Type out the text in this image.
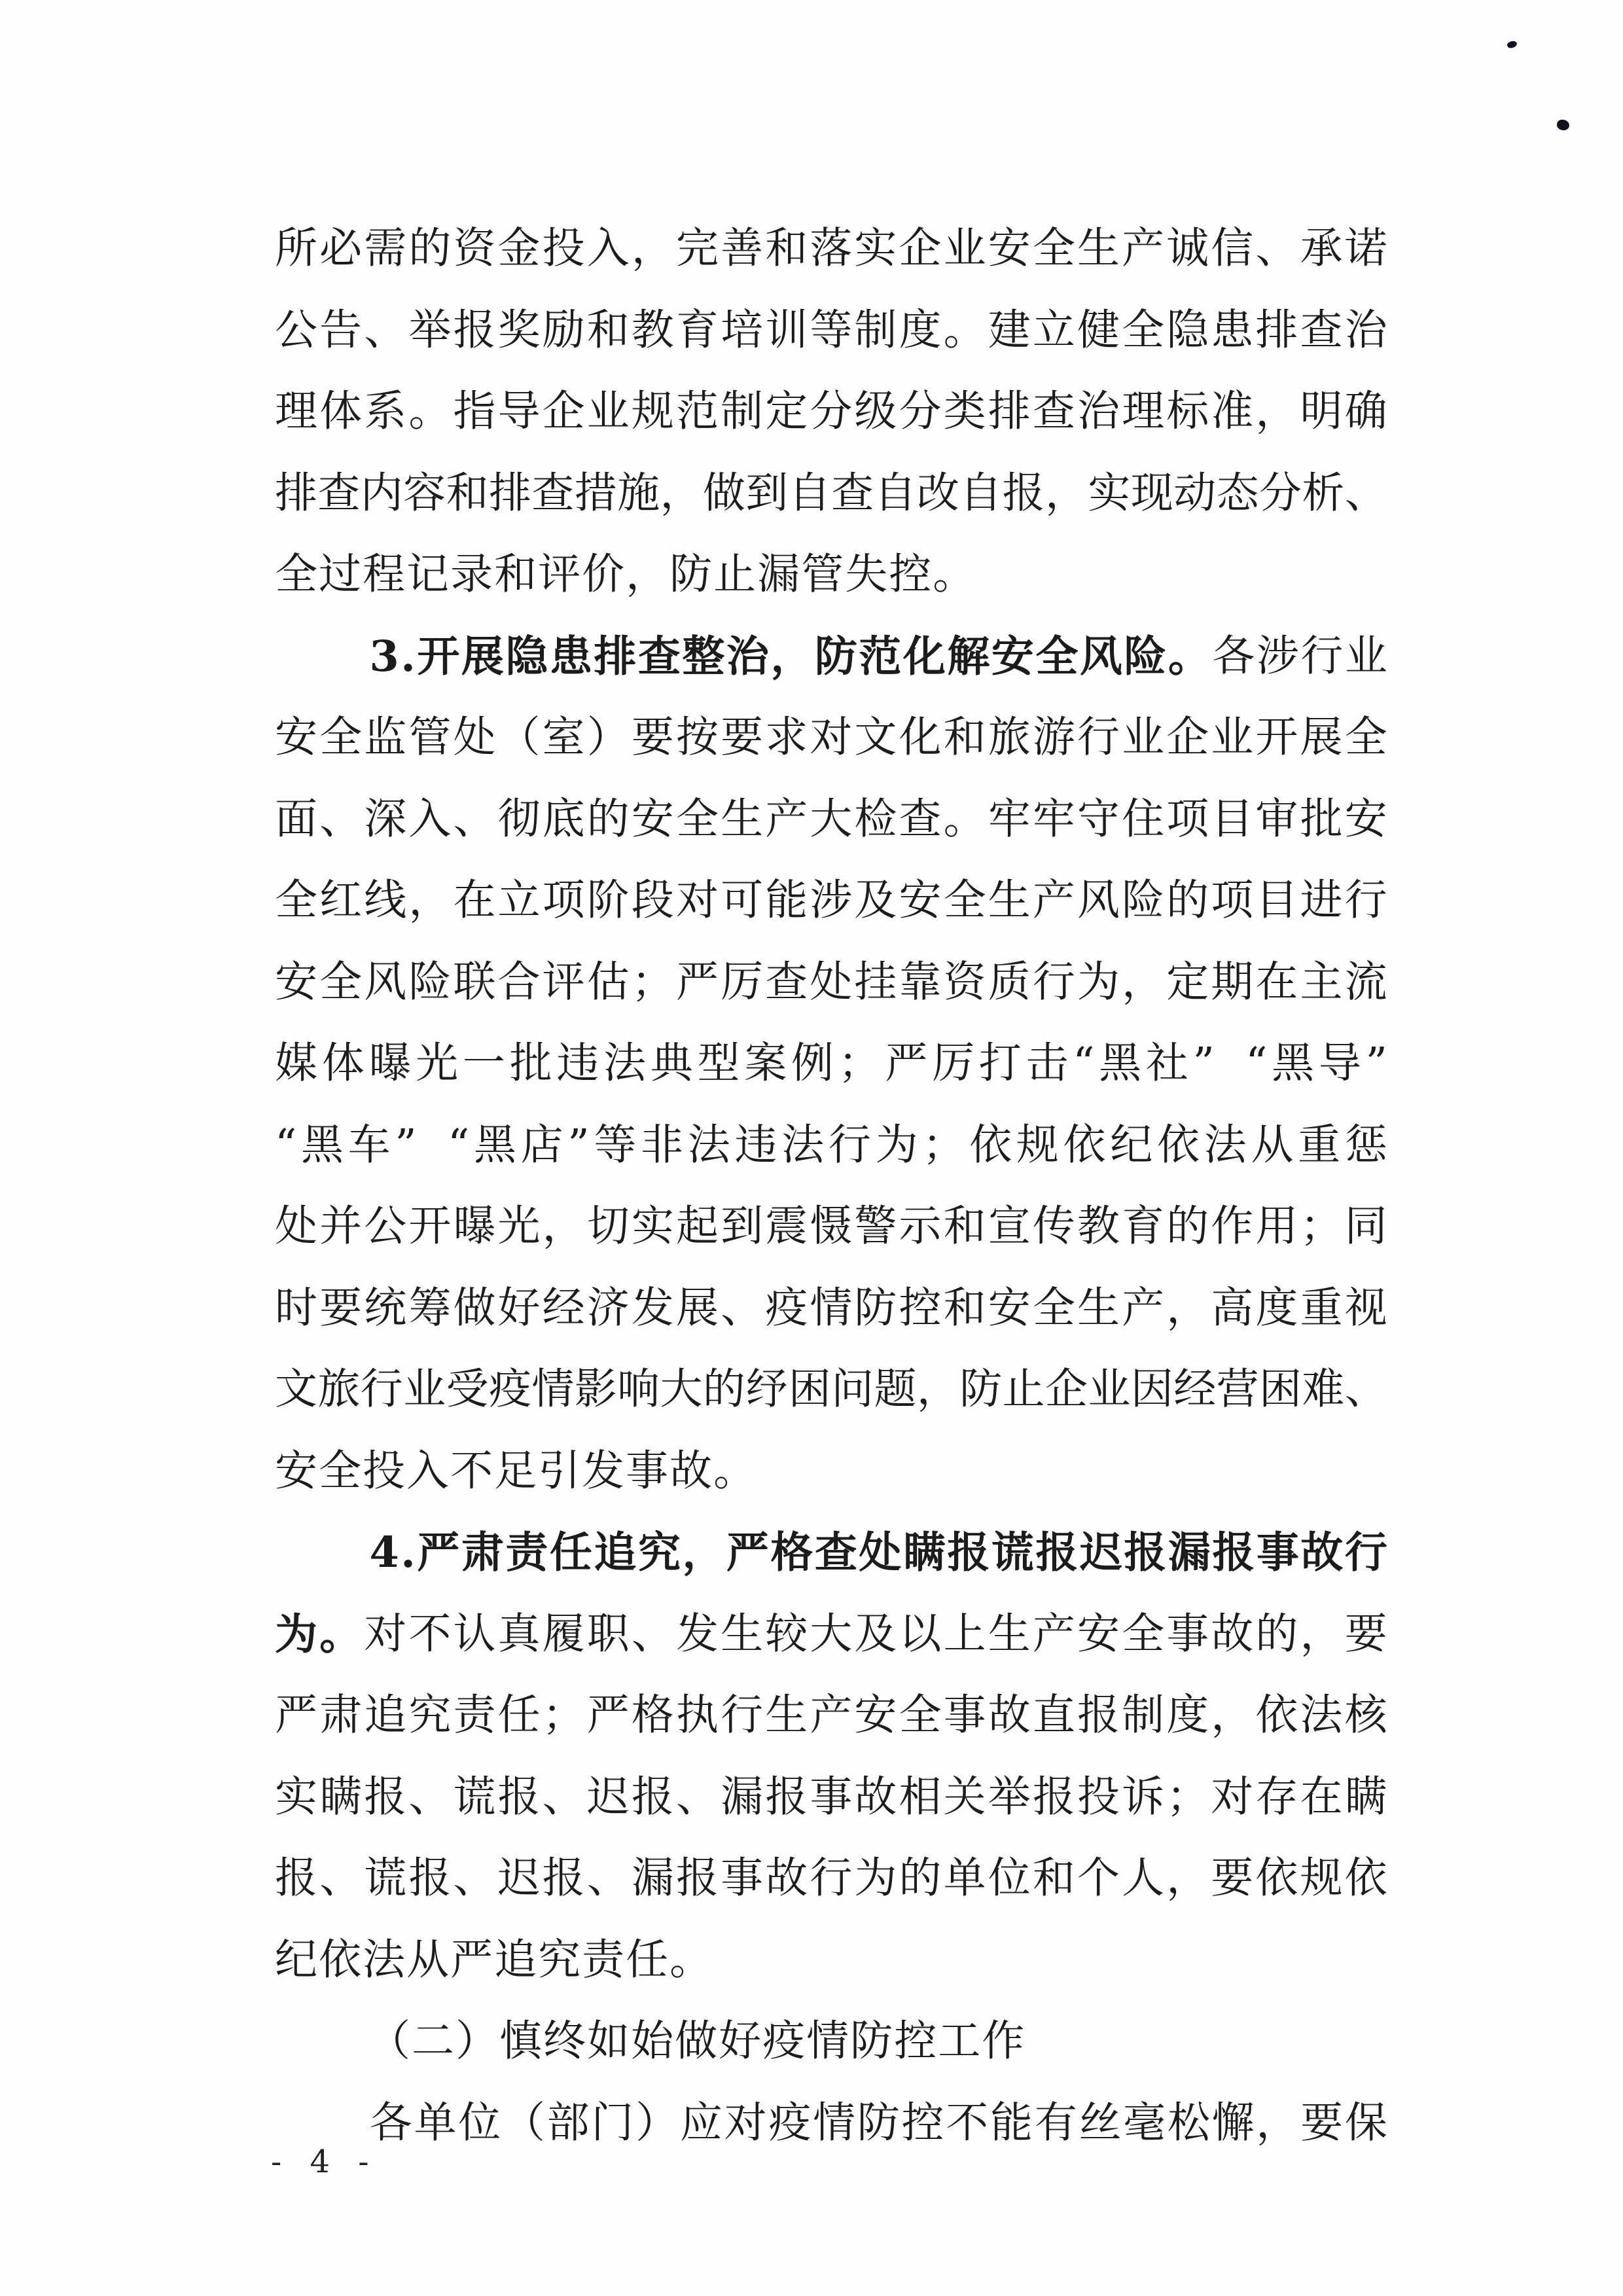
所 必 需 的 资 金 投 入 ， 完 善 和 落 实 企 业 安 全 生 产 诚 信 、 承 诺
公 告 、 举 报 奖 励 和 教 育 培 训 等 制 度 。 建 立 健 全 隐 患 排 查 治
理 体 系 。 指 导 企 业 规 范 制 定 分 级 分 类 排 查 治 理 标 准 ， 明 确
排 查 内 容 和 排 查 措 施 ， 做 到 自 查 自 改 自 报 ， 实 现 动 态 分 析 、
全过程记录和评价，防止漏管失控。
3 . 开 展 隐 患 排 查 整 治 ， 防 范 化 解 安 全 风 险 。 各 涉 行 业
安 全 监 管 处 （ 室 ） 要 按 要 求 对 文 化 和 旅 游 行 业 企 业 开 展 全
面 、 深 入 、 彻 底 的 安 全 生 产 大 检 查 。 牢 牢 守 住 项 目 审 批 安
全 红 线 ， 在 立 项 阶 段 对 可 能 涉 及 安 全 生 产 风 险 的 项 目 进 行
安 全 风 险 联 合 评 估 ； 严 厉 查 处 挂 靠 资 质 行 为 ， 定 期 在 主 流
媒 体 曝 光 一 批 违 法 典 型 案 例 ； 严 厉 打 击 “ 黑 社 ”
“ 黑 导 ”
“ 黑 车 ”
“ 黑 店 ” 等 非 法 违 法 行 为 ； 依 规 依 纪 依 法 从 重 惩
处 并 公 开 曝 光 ， 切 实 起 到 震 慑 警 示 和 宣 传 教 育 的 作 用 ； 同
时 要 统 筹 做 好 经 济 发 展 、 疫 情 防 控 和 安 全 生 产 ， 高 度 重 视
文 旅 行 业 受 疫 情 影 响 大 的 纾 困 问 题 ， 防 止 企 业 因 经 营 困 难 、
安全投入不足引发事故。
4 . 严 肃 责 任 追 究 ， 严 格 查 处 瞒 报 谎 报 迟 报 漏 报 事 故 行
为 。 对 不 认 真 履 职 、 发 生 较 大 及 以 上 生 产 安 全 事 故 的 ， 要
严 肃 追 究 责 任 ； 严 格 执 行 生 产 安 全 事 故 直 报 制 度 ， 依 法 核
实 瞒 报 、 谎 报 、 迟 报 、 漏 报 事 故 相 关 举 报 投 诉 ； 对 存 在 瞒
报 、 谎 报 、 迟 报 、 漏 报 事 故 行 为 的 单 位 和 个 人 ， 要 依 规 依
纪依法从严追究责任。
（二）慎终如始做好疫情防控工作
各 单 位 （ 部 门 ） 应 对 疫 情 防 控 不 能 有 丝 毫 松 懈 ， 要 保
- 4 -
